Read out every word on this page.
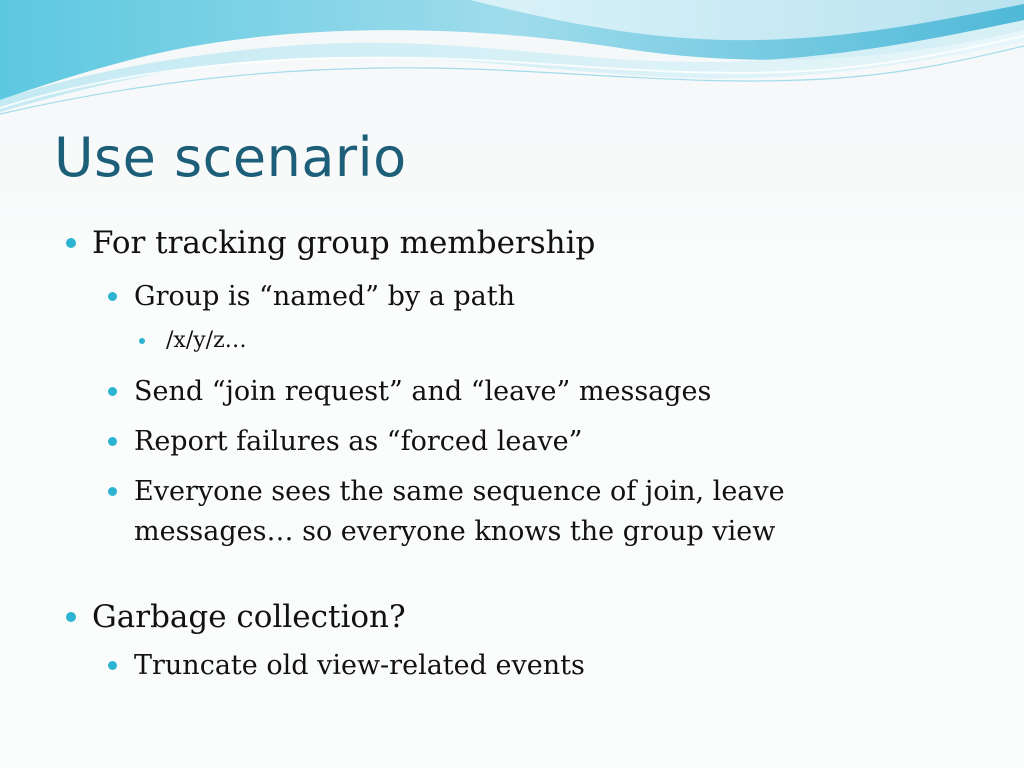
Use scenario
For tracking group membership
Group is “named” by a path
/x/y/z…
Send “join request” and “leave” messages
Report failures as “forced leave”
Everyone sees the same sequence of join, leave messages… so everyone knows the group view
Garbage collection?
Truncate old view-related events
